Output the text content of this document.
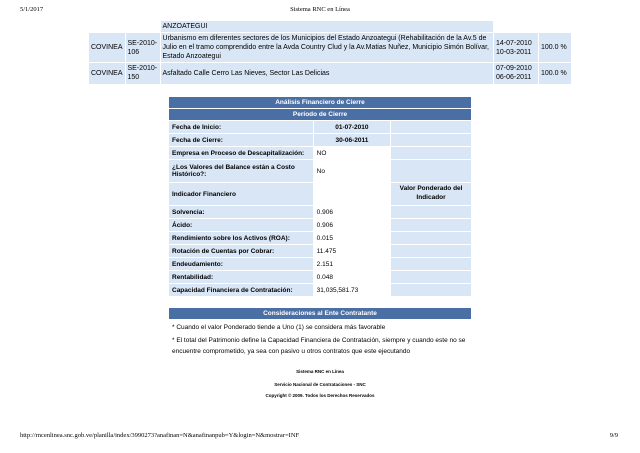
5/1/2017	Sistema RNC en Línea
		ANZOATEGUI		
COVINEA	SE-2010-106	Urbanismo em diferentes sectores de los Municipios del Estado Anzoategui (Rehabilitación de la Av.5 de Julio en el tramo comprendido entre la Avda Country Clud y la Av.Matias Nuñez, Municipio Simón Bolívar, Estado Anzoategui	14-07-2010 10-03-2011	100.0 %
COVINEA	SE-2010-150	Asfaltado Calle Cerro Las Nieves, Sector Las Delicias	07-09-2010 06-06-2011	100.0 %
Análisis Financiero de Cierre		
Período de Cierre		
Fecha de Inicio:	01-07-2010	
Fecha de Cierre:	30-06-2011	
Empresa en Proceso de Descapitalización:	NO	
¿Los Valores del Balance están a Costo Histórico?:	No	
Indicador Financiero		Valor Ponderado del Indicador
Solvencia:	0.906	
Ácido:	0.906	
Rendimiento sobre los Activos (ROA):	0.015	
Rotación de Cuentas por Cobrar:	11.475	
Endeudamiento:	2.151	
Rentabilidad:	0.048	
Capacidad Financiera de Contratación:	31,035,581.73	
Consideraciones al Ente Contratante
* Cuando el valor Ponderado tiende a Uno (1) se considera más favorable
* El total del Patrimonio define la Capacidad Financiera de Contratación, siempre y cuando este no se encuentre comprometido, ya sea con pasivo u otros contratos que este ejecutando
Sistema RNC en Línea
Servicio Nacional de Contrataciones - SNC
Copyright © 2009. Todos los Derechos Reservados
http://rncenlinea.snc.gob.ve/planilla/index/3990273?anafinan=N&anafinanpub=Y&login=N&mostrar=INF	9/9
